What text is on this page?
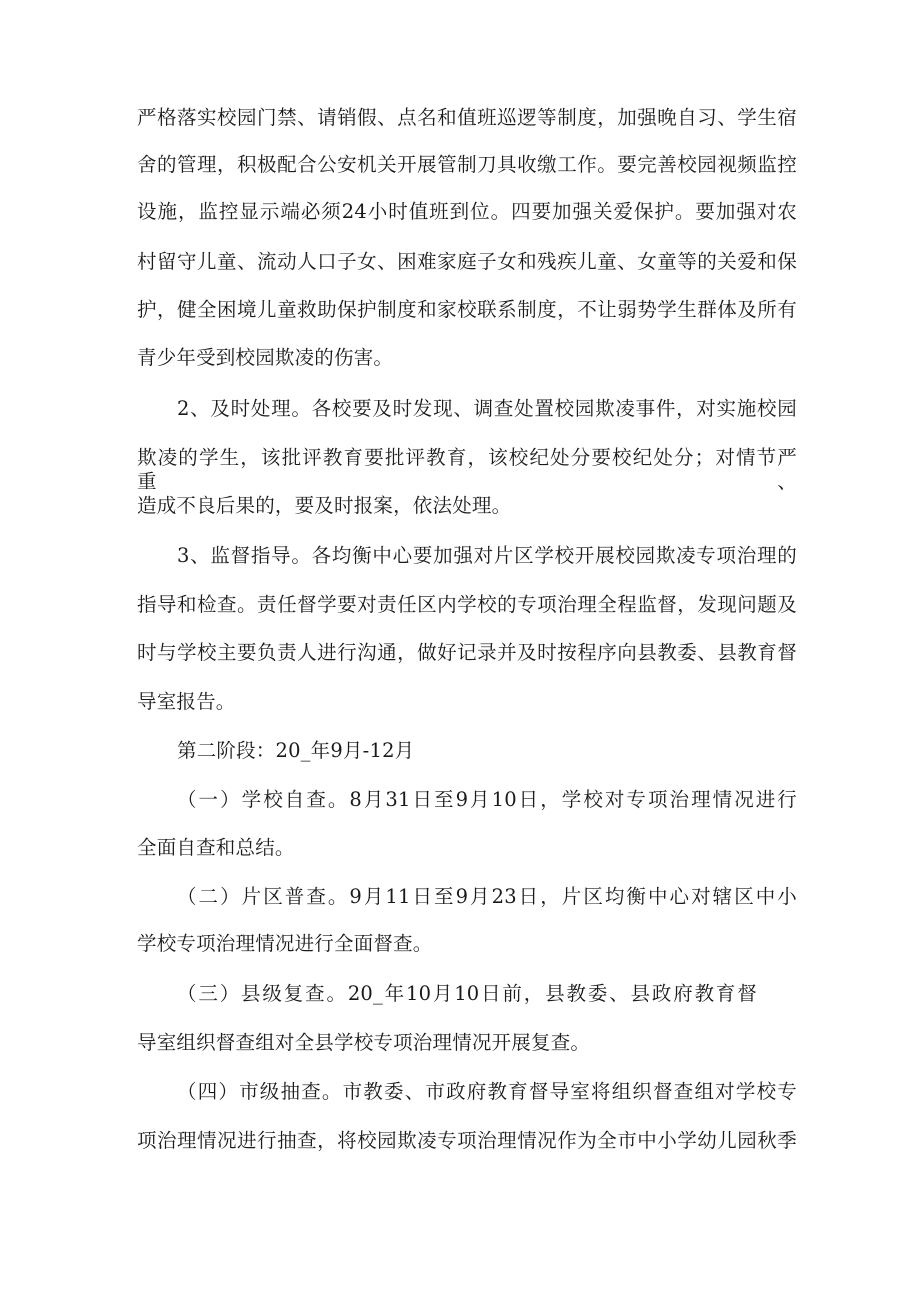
严格落实校园门禁、请销假、点名和值班巡逻等制度，加强晚自习、学生宿
舍的管理，积极配合公安机关开展管制刀具收缴工作。要完善校园视频监控
设施，监控显示端必须24小时值班到位。四要加强关爱保护。要加强对农
村留守儿童、流动人口子女、困难家庭子女和残疾儿童、女童等的关爱和保
护，健全困境儿童救助保护制度和家校联系制度，不让弱势学生群体及所有
青少年受到校园欺凌的伤害。
2、及时处理。各校要及时发现、调查处置校园欺凌事件，对实施校园
欺凌的学生，该批评教育要批评教育，该校纪处分要校纪处分；对情节严重、
造成不良后果的，要及时报案，依法处理。
3、监督指导。各均衡中心要加强对片区学校开展校园欺凌专项治理的
指导和检查。责任督学要对责任区内学校的专项治理全程监督，发现问题及
时与学校主要负责人进行沟通，做好记录并及时按程序向县教委、县教育督
导室报告。
第二阶段：20_年9月-12月
（一）学校自查。8月31日至9月10日，学校对专项治理情况进行
全面自查和总结。
（二）片区普查。9月11日至9月23日，片区均衡中心对辖区中小
学校专项治理情况进行全面督查。
（三）县级复查。20_年10月10日前，县教委、县政府教育督
导室组织督查组对全县学校专项治理情况开展复查。
（四）市级抽查。市教委、市政府教育督导室将组织督查组对学校专
项治理情况进行抽查，将校园欺凌专项治理情况作为全市中小学幼儿园秋季
